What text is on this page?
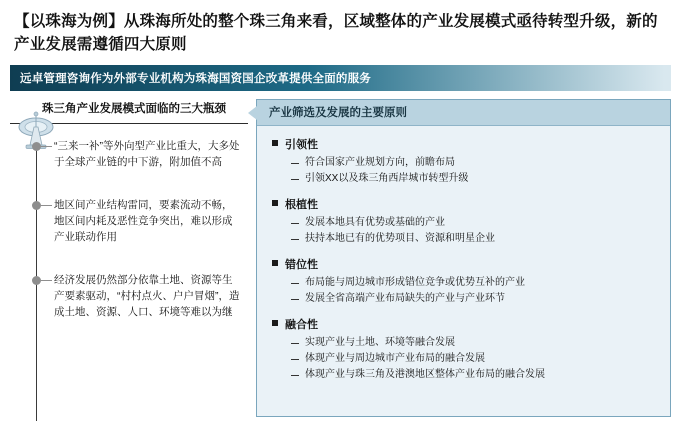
【以珠海为例】从珠海所处的整个珠三角来看，区域整体的产业发展模式亟待转型升级，新的产业发展需遵循四大原则
远卓管理咨询作为外部专业机构为珠海国资国企改革提供全面的服务
珠三角产业发展模式面临的三大瓶颈
“三来一补”等外向型产业比重大，大多处于全球产业链的中下游，附加值不高
地区间产业结构雷同，要素流动不畅，地区间内耗及恶性竞争突出，难以形成产业联动作用
经济发展仍然部分依靠土地、资源等生产要素驱动，“村村点火、户户冒烟”，造成土地、资源、人口、环境等难以为继
产业筛选及发展的主要原则
引领性
符合国家产业规划方向，前瞻布局
引领XX以及珠三角西岸城市转型升级
根植性
发展本地具有优势或基础的产业
扶持本地已有的优势项目、资源和明星企业
错位性
布局能与周边城市形成错位竞争或优势互补的产业
发展全省高端产业布局缺失的产业与产业环节
融合性
实现产业与土地、环境等融合发展
体现产业与周边城市产业布局的融合发展
体现产业与珠三角及港澳地区整体产业布局的融合发展
